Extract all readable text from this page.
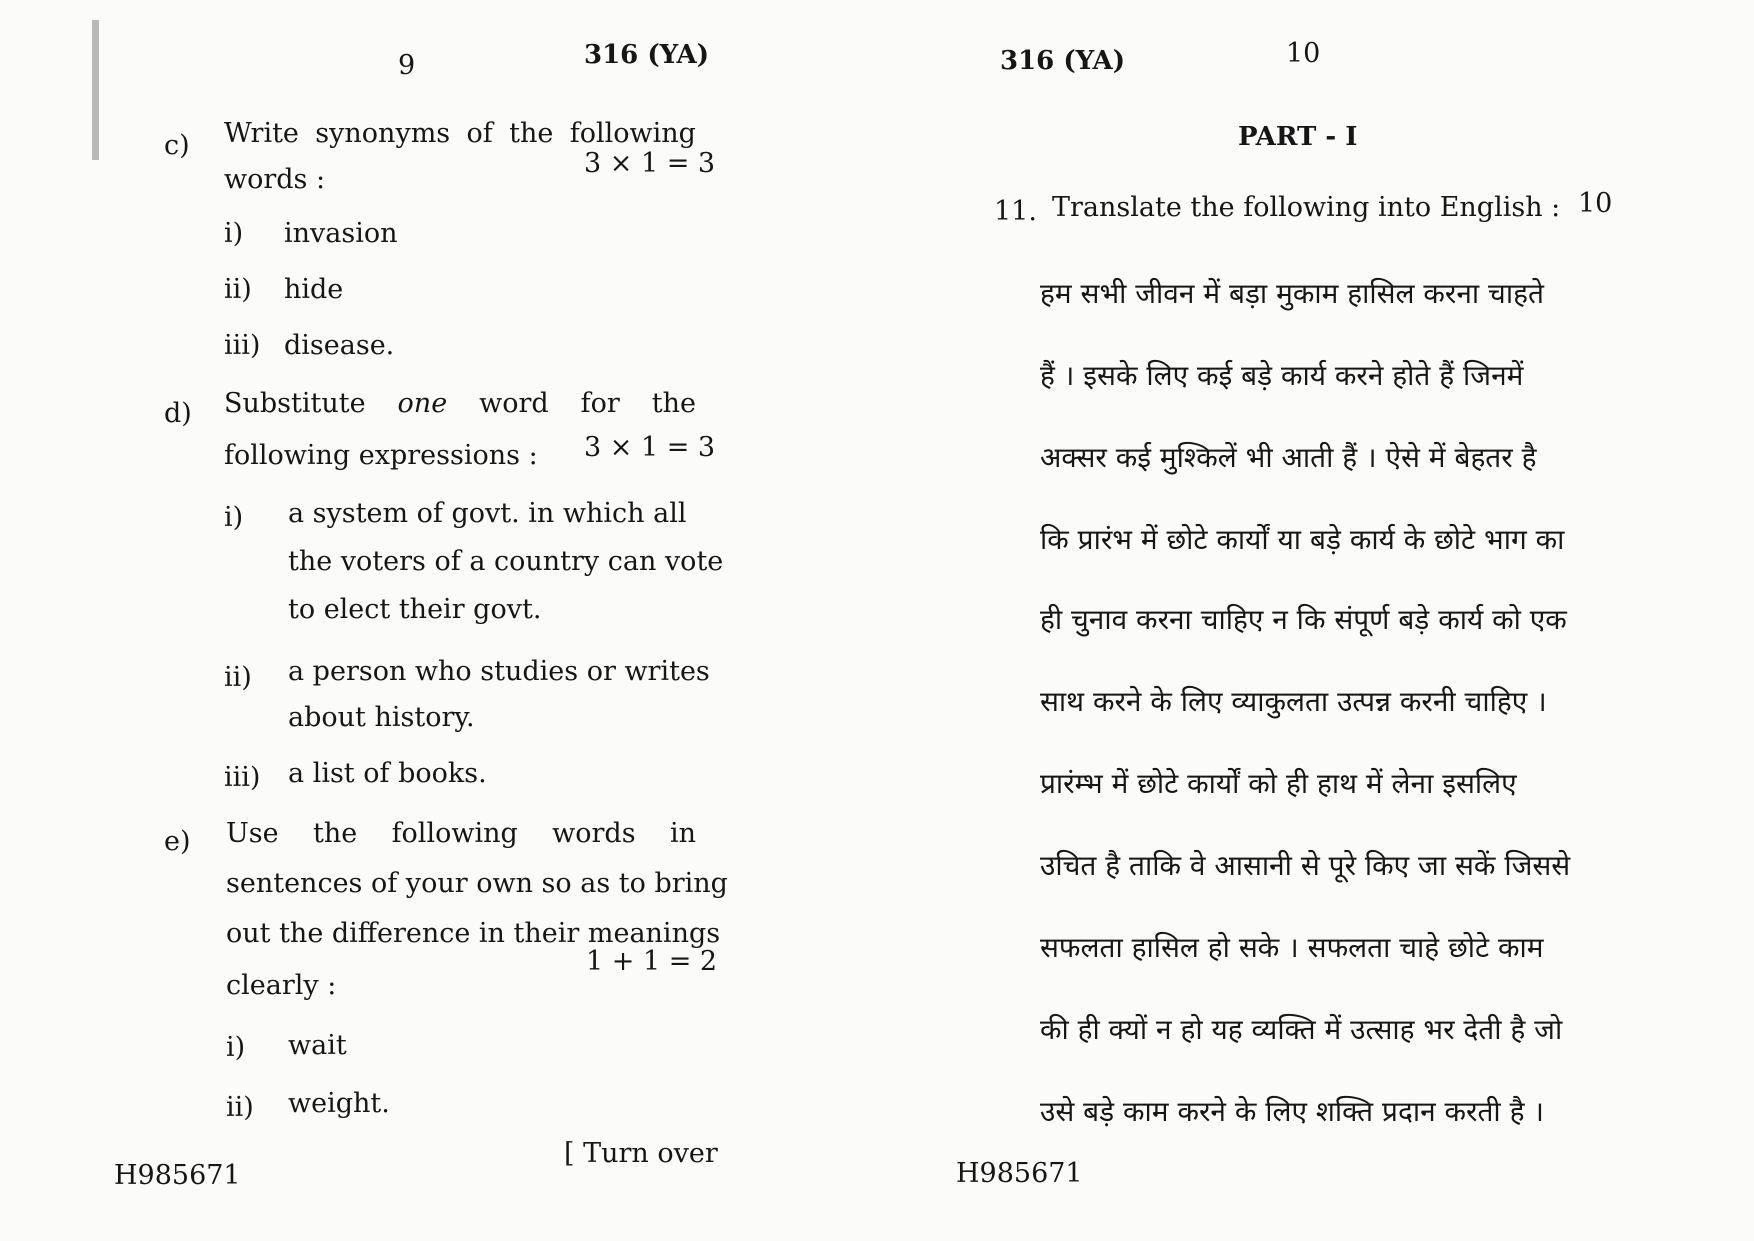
9	316 (YA)
c) Write synonyms of the following
words :
3 × 1 = 3
i) invasion
ii) hide
iii) disease.
d) Substitute one word for the
following expressions : 3 × 1 = 3
i) a system of govt. in which all
the voters of a country can vote
to elect their govt.
ii) a person who studies or writes
about history.
iii) a list of books.
e) Use the following words in
sentences of your own so as to bring
out the difference in their meanings
clearly :
1 + 1 = 2
i) wait
ii) weight.
H985671
[ Turn over
316 (YA)	10
PART - I
11. Translate the following into English : 10
हम सभी जीवन में बड़ा मुकाम हासिल करना चाहते
हैं । इसके लिए कई बड़े कार्य करने होते हैं जिनमें
अक्सर कई मुश्किलें भी आती हैं । ऐसे में बेहतर है
कि प्रारंभ में छोटे कार्यों या बड़े कार्य के छोटे भाग का
ही चुनाव करना चाहिए न कि संपूर्ण बड़े कार्य को एक
साथ करने के लिए व्याकुलता उत्पन्न करनी चाहिए ।
प्रारंम्भ में छोटे कार्यों को ही हाथ में लेना इसलिए
उचित है ताकि वे आसानी से पूरे किए जा सकें जिससे
सफलता हासिल हो सके । सफलता चाहे छोटे काम
की ही क्यों न हो यह व्यक्ति में उत्साह भर देती है जो
उसे बड़े काम करने के लिए शक्ति प्रदान करती है ।
H985671
